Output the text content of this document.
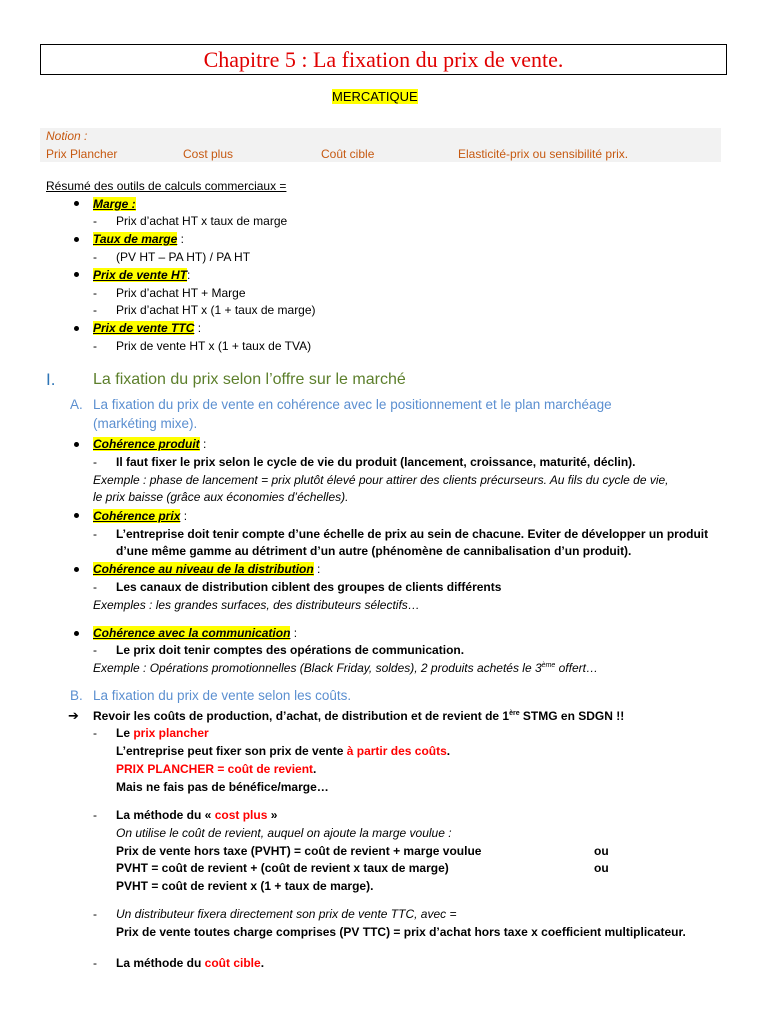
Chapitre 5 : La fixation du prix de vente.
MERCATIQUE
Notion :
Prix Plancher	Cost plus	Coût cible	Elasticité-prix ou sensibilité prix.
Résumé des outils de calculs commerciaux =
Marge :
- Prix d’achat HT x taux de marge
Taux de marge :
- (PV HT – PA HT) / PA HT
Prix de vente HT:
- Prix d’achat HT + Marge
- Prix d’achat HT x (1 + taux de marge)
Prix de vente TTC :
- Prix de vente HT x (1 + taux de TVA)
I. La fixation du prix selon l’offre sur le marché
A. La fixation du prix de vente en cohérence avec le positionnement et le plan marchéage
(markéting mixe).
Cohérence produit :
- Il faut fixer le prix selon le cycle de vie du produit (lancement, croissance, maturité, déclin).
Exemple : phase de lancement = prix plutôt élevé pour attirer des clients précurseurs. Au fils du cycle de vie,
le prix baisse (grâce aux économies d’échelles).
Cohérence prix :
- L’entreprise doit tenir compte d’une échelle de prix au sein de chacune. Eviter de développer un produit
d’une même gamme au détriment d’un autre (phénomène de cannibalisation d’un produit).
Cohérence au niveau de la distribution :
- Les canaux de distribution ciblent des groupes de clients différents
Exemples : les grandes surfaces, des distributeurs sélectifs…
Cohérence avec la communication :
- Le prix doit tenir comptes des opérations de communication.
Exemple : Opérations promotionnelles (Black Friday, soldes), 2 produits achetés le 3ème offert…
B. La fixation du prix de vente selon les coûts.
➔ Revoir les coûts de production, d’achat, de distribution et de revient de 1ère STMG en SDGN !!
- Le prix plancher
L’entreprise peut fixer son prix de vente à partir des coûts.
PRIX PLANCHER = coût de revient.
Mais ne fais pas de bénéfice/marge…
- La méthode du « cost plus »
On utilise le coût de revient, auquel on ajoute la marge voulue :
Prix de vente hors taxe (PVHT) = coût de revient + marge voulue	ou
PVHT = coût de revient + (coût de revient x taux de marge)	ou
PVHT = coût de revient x (1 + taux de marge).
- Un distributeur fixera directement son prix de vente TTC, avec =
Prix de vente toutes charge comprises (PV TTC) = prix d’achat hors taxe x coefficient multiplicateur.
- La méthode du coût cible.
